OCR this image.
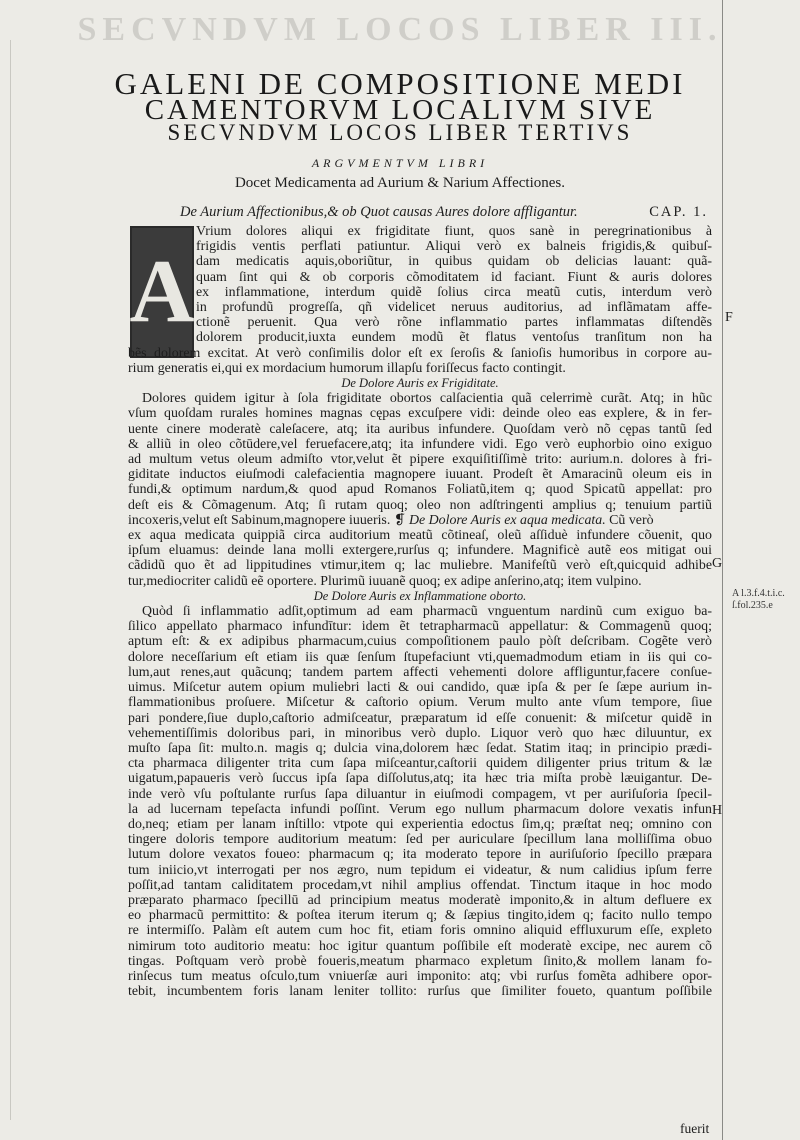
SECVNDVM LOCOS LIBER III.
GALENI DE COMPOSITIONE MEDI
CAMENTORVM LOCALIVM SIVE
SECVNDVM LOCOS LIBER TERTIVS
ARGVMENTVM LIBRI
Docet Medicamenta ad Aurium & Narium Affectiones.
De Aurium Affectionibus,& ob Quot causas Aures dolore affligantur.	CAP. 1.
A
Vrium dolores aliqui ex frigiditate fiunt, quos sanè in peregrinationibus à
frigidis ventis perflati patiuntur. Aliqui verò ex balneis frigidis,& quibuſ-
dam medicatis aquis,oboriũtur, in quibus quidam ob delicias lauant: quã-
quam ſint qui & ob corporis cõmoditatem id faciant. Fiunt & auris dolores
ex inflammatione, interdum quidẽ ſolius circa meatũ cutis, interdum verò
in profundũ progreſſa, qñ videlicet neruus auditorius, ad inflãmatam affe-
ctionẽ peruenit. Qua verò rõne inflammatio partes inflammatas diſtendẽs
dolorem producit,iuxta eundem modũ ẽt flatus ventoſus tranſitum non ha
bẽs dolorem excitat. At verò conſimilis dolor eſt ex ſeroſis & ſanioſis humoribus in corpore au-
rium generatis ei,qui ex mordacium humorum illapſu foriſſecus facto contingit.
De Dolore Auris ex Frigiditate.
Dolores quidem igitur à ſola frigiditate obortos calſacientia quã celerrimè curãt. Atq; in hũc
vſum quoſdam rurales homines magnas cępas excuſpere vidi: deinde oleo eas explere, & in fer-
uente cinere moderatè caleſacere, atq; ita auribus infundere. Quoſdam verò nõ cępas tantũ ſed
& alliũ in oleo cõtūdere,vel feruefacere,atq; ita infundere vidi. Ego verò euphorbio oino exiguo
ad multum vetus oleum admiſto vtor,velut ẽt pipere exquiſitiſſimè trito: aurium.n. dolores à fri-
giditate inductos eiuſmodi calefacientia magnopere iuuant. Prodeſt ẽt Amaracinũ oleum eis in
fundi,& optimum nardum,& quod apud Romanos Foliatũ,item q; quod Spicatũ appellat: pro
deſt eis & Cõmagenum. Atq; ſi rutam quoq; oleo non adſtringenti amplius q; tenuium partiũ
incoxeris,velut eſt Sabinum,magnopere iuueris. ❡ De Dolore Auris ex aqua medicata. Cũ verò
ex aqua medicata quippiã circa auditorium meatũ cõtineaſ, oleũ aſſiduè infundere cõuenit, quo
ipſum eluamus: deinde lana molli extergere,rurſus q; infundere. Magnificè autẽ eos mitigat oui
cãdidũ quo ẽt ad lippitudines vtimur,item q; lac muliebre. Manifeſtũ verò eſt,quicquid adhibe
tur,mediocriter calidũ eẽ oportere. Plurimũ iuuanẽ quoq; ex adipe anſerino,atq; item vulpino.
De Dolore Auris ex Inflammatione oborto.
Quòd ſi inflammatio adſit,optimum ad eam pharmacũ vnguentum nardinũ cum exiguo ba-
ſilico appellato pharmaco infundītur: idem ẽt tetrapharmacũ appellatur: & Commagenũ quoq;
aptum eſt: & ex adipibus pharmacum,cuius compoſitionem paulo pòſt deſcribam. Cogẽte verò
dolore neceſſarium eſt etiam iis quæ ſenſum ſtupefaciunt vti,quemadmodum etiam in iis qui co-
lum,aut renes,aut quãcunq; tandem partem affecti vehementi dolore affliguntur,facere conſue-
uimus. Miſcetur autem opium muliebri lacti & oui candido, quæ ipſa & per ſe ſæpe aurium in-
flammationibus proſuere. Miſcetur & caſtorio opium. Verum multo ante vſum tempore, ſiue
pari pondere,ſiue duplo,caſtorio admiſceatur, præparatum id eſſe conuenit: & miſcetur quidẽ in
vehementiſſimis doloribus pari, in minoribus verò duplo. Liquor verò quo hæc diluuntur, ex
muſto ſapa ſit: multo.n. magis q; dulcia vina,dolorem hæc ſedat. Statim itaq; in principio prædi-
cta pharmaca diligenter trita cum ſapa miſceantur,caſtorii quidem diligenter prius tritum & læ
uigatum,papaueris verò ſuccus ipſa ſapa diſſolutus,atq; ita hæc tria miſta probè læuigantur. De-
inde verò vſu poſtulante rurſus ſapa diluantur in eiuſmodi compagem, vt per auriſuſoria ſpecil-
la ad lucernam tepeſacta infundi poſſint. Verum ego nullum pharmacum dolore vexatis infun
do,neq; etiam per lanam inſtillo: vtpote qui experientia edoctus ſim,q; præſtat neq; omnino con
tingere doloris tempore auditorium meatum: ſed per auriculare ſpecillum lana molliſſima obuo
lutum dolore vexatos foueo: pharmacum q; ita moderato tepore in auriſuſorio ſpecillo præpara
tum iniicio,vt interrogati per nos ægro, num tepidum ei videatur, & num calidius ipſum ferre
poſſit,ad tantam caliditatem procedam,vt nihil amplius offendat. Tinctum itaque in hoc modo
præparato pharmaco ſpecillū ad principium meatus moderatè imponito,& in altum defluere ex
eo pharmacũ permittito: & poſtea iterum iterum q; & ſæpius tingito,idem q; facito nullo tempo
re intermiſſo. Palàm eſt autem cum hoc fit, etiam foris omnino aliquid effluxurum eſſe, expleto
nimirum toto auditorio meatu: hoc igitur quantum poſſibile eſt moderatè excipe, nec aurem cõ
tingas. Poſtquam verò probè foueris,meatum pharmaco expletum ſinito,& mollem lanam fo-
rinſecus tum meatus oſculo,tum vniuerſæ auri imponito: atq; vbi rurſus fomẽta adhibere opor-
tebit, incumbentem foris lanam leniter tollito: rurſus que ſimiliter foueto, quantum poſſibile
F
G
H
A l.3.f.4.t.i.c.
ſ.fol.235.e
fuerit
